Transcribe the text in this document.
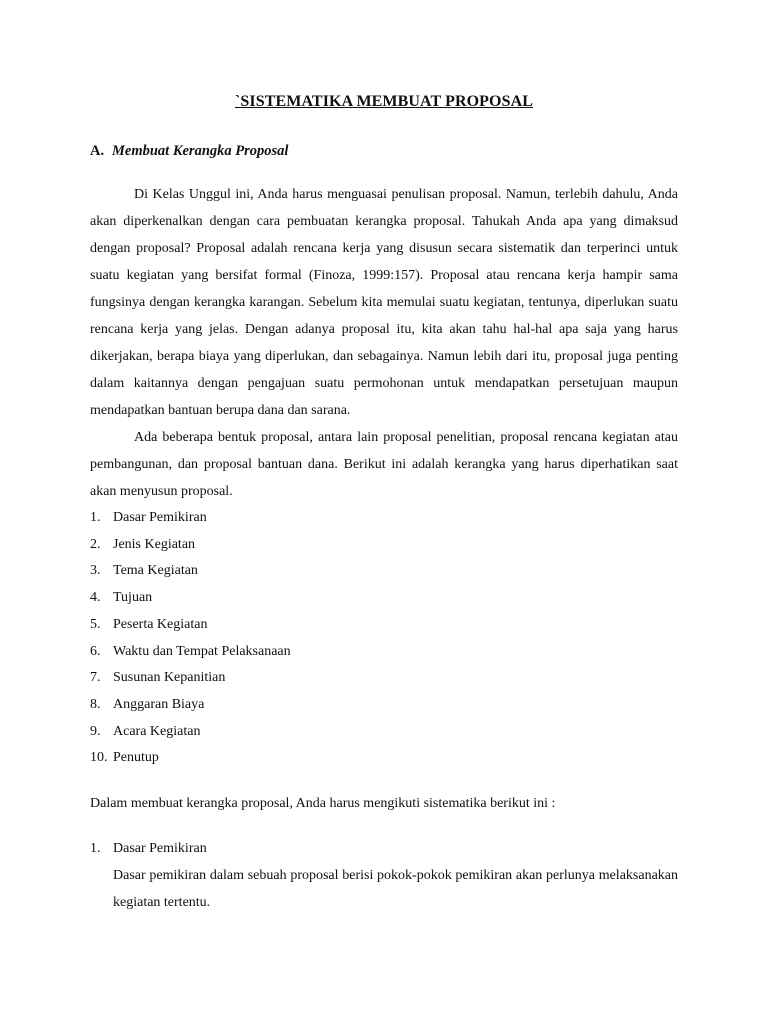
`SISTEMATIKA MEMBUAT PROPOSAL
A. Membuat Kerangka Proposal

Di Kelas Unggul ini, Anda harus menguasai penulisan proposal. Namun, terlebih dahulu, Anda akan diperkenalkan dengan cara pembuatan kerangka proposal. Tahukah Anda apa yang dimaksud dengan proposal? Proposal adalah rencana kerja yang disusun secara sistematik dan terperinci untuk suatu kegiatan yang bersifat formal (Finoza, 1999:157). Proposal atau rencana kerja hampir sama fungsinya dengan kerangka karangan. Sebelum kita memulai suatu kegiatan, tentunya, diperlukan suatu rencana kerja yang jelas. Dengan adanya proposal itu, kita akan tahu hal-hal apa saja yang harus dikerjakan, berapa biaya yang diperlukan, dan sebagainya. Namun lebih dari itu, proposal juga penting dalam kaitannya dengan pengajuan suatu permohonan untuk mendapatkan persetujuan maupun mendapatkan bantuan berupa dana dan sarana.

Ada beberapa bentuk proposal, antara lain proposal penelitian, proposal rencana kegiatan atau pembangunan, dan proposal bantuan dana. Berikut ini adalah kerangka yang harus diperhatikan saat akan menyusun proposal.

1. Dasar Pemikiran
2. Jenis Kegiatan
3. Tema Kegiatan
4. Tujuan
5. Peserta Kegiatan
6. Waktu dan Tempat Pelaksanaan
7. Susunan Kepanitian
8. Anggaran Biaya
9. Acara Kegiatan
10. Penutup
Dalam membuat kerangka proposal, Anda harus mengikuti sistematika berikut ini :
1. Dasar Pemikiran
Dasar pemikiran dalam sebuah proposal berisi pokok-pokok pemikiran akan perlunya melaksanakan kegiatan tertentu.
